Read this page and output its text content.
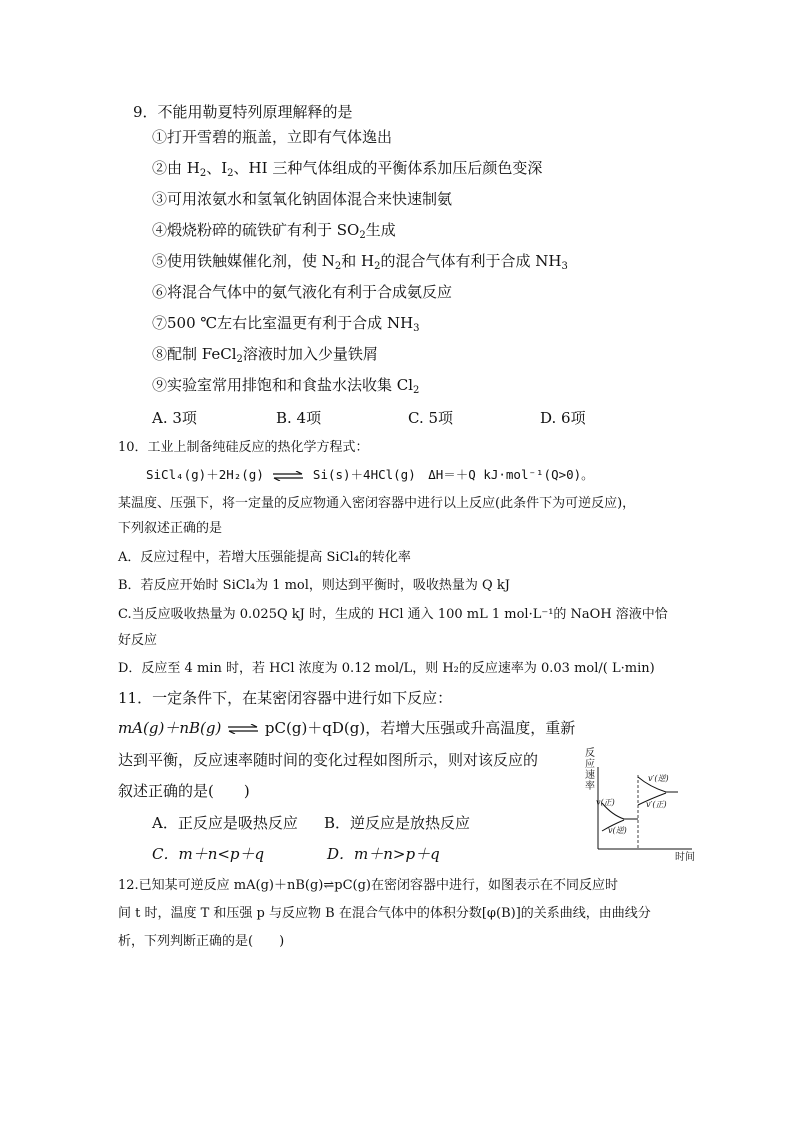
9．不能用勒夏特列原理解释的是
①打开雪碧的瓶盖，立即有气体逸出
②由 $H_2$、$I_2$、HI 三种气体组成的平衡体系加压后颜色变深
③可用浓氨水和氢氧化钠固体混合来快速制氨
④煅烧粉碎的硫铁矿有利于 $SO_2$生成
⑤使用铁触媒催化剂，使 $N_2$和 $H_2$的混合气体有利于合成 $NH_3$
⑥将混合气体中的氨气液化有利于合成氨反应
⑦500 ℃左右比室温更有利于合成 $NH_3$
⑧配制 FeCl$_2$溶液时加入少量铁屑
⑨实验室常用排饱和和食盐水法收集 $Cl_2$
A. 3项	B. 4项	C. 5项	D. 6项
10．工业上制备纯硅反应的热化学方程式：
SiCl₄(g)＋2H₂(g) ⇌ Si(s)＋4HCl(g)　ΔH＝＋Q kJ·mol⁻¹(Q>0)。
某温度、压强下，将一定量的反应物通入密闭容器中进行以上反应(此条件下为可逆反应)，
下列叙述正确的是
A．反应过程中，若增大压强能提高 SiCl₄的转化率
B．若反应开始时 SiCl₄为 1 mol，则达到平衡时，吸收热量为 Q kJ
C.当反应吸收热量为 0.025Q kJ 时，生成的 HCl 通入 100 mL 1 mol·L⁻¹的 NaOH 溶液中恰
好反应
D．反应至 4 min 时，若 HCl 浓度为 0.12 mol/L，则 H₂的反应速率为 0.03 mol/( L·min)
11．一定条件下，在某密闭容器中进行如下反应：
mA(g)＋nB(g) ⇌ pC(g)＋qD(g)，若增大压强或升高温度，重新
达到平衡，反应速率随时间的变化过程如图所示，则对该反应的
叙述正确的是(　　)
A．正反应是吸热反应 B．逆反应是放热反应
C．m＋n<p＋q	D．m＋n>p＋q
反应速率
时间
v(正)
v(逆)
v′(逆)
v′(正)
12.已知某可逆反应 mA(g)＋nB(g)⇌pC(g)在密闭容器中进行，如图表示在不同反应时
间 t 时，温度 T 和压强 p 与反应物 B 在混合气体中的体积分数[φ(B)]的关系曲线，由曲线分
析，下列判断正确的是(　　)
